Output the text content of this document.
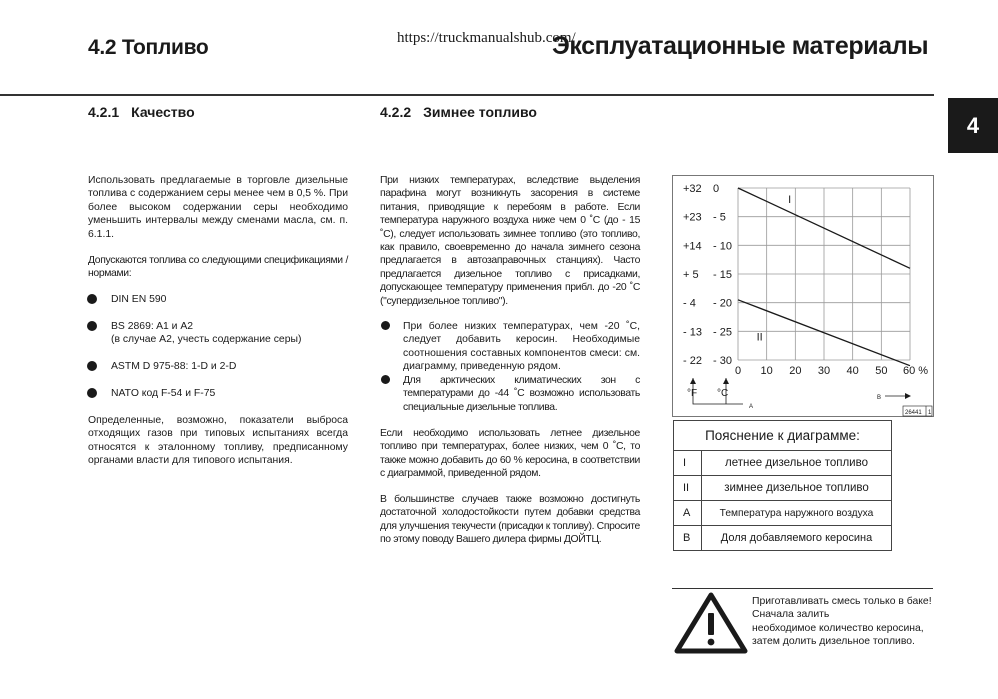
4.2 Топливо	https://truckmanualshub.com/
Эксплуатационные материалы
4
4.2.1 Качество
Использовать предлагаемые в торговле дизельные топлива с содержанием серы менее чем в 0,5 %. При более высоком содержании серы необходимо уменьшить интервалы между сменами масла, см. п. 6.1.1.
Допускаются топлива со следующими спецификациями / нормами:
DIN EN 590
BS 2869: A1 и A2
(в случае A2, учесть содержание серы)
ASTM D 975-88: 1-D и 2-D
NATO код F-54 и F-75
Определенные, возможно, показатели выброса отходящих газов при типовых испытаниях всегда относятся к эталонному топливу, предписанному органами власти для типового испытания.
4.2.2 Зимнее топливо
При низких температурах, вследствие выделения парафина могут возникнуть засорения в системе питания, приводящие к перебоям в работе. Если температура наружного воздуха ниже чем 0 ˚C (до - 15 ˚C), следует использовать зимнее топливо (это топливо, как правило, своевременно до начала зимнего сезона предлагается в автозаправочных станциях). Часто предлагается дизельное топливо с присадками, допускающее температуру применения прибл. до -20 ˚C ("супердизельное топливо").
При более низких температурах, чем -20 ˚C, следует добавить керосин. Необходимые соотношения составных компонентов смеси: см. диаграмму, приведенную рядом.
Для арктических климатических зон с температурами до -44 ˚C возможно использовать специальные дизельные топлива.
Если необходимо использовать летнее дизельное топливо при температурах, более низких, чем 0 ˚C, то также можно добавить до 60 % керосина, в соответствии с диаграммой, приведенной рядом.
В большинстве случаев также возможно достигнуть достаточной холодостойкости путем добавки средства для улучшения текучести (присадки к топливу). Спросите по этому поводу Вашего дилера фирмы ДОЙТЦ.
0 10 20 30 40 50 60 %
0
- 5
- 10
- 15
- 20
- 25
- 30
+32
+23
+14
+ 5
- 4
- 13
- 22
I
II
°F °C
A
B
26441 1
Пояснение к диаграмме:	
I	летнее дизельное топливо
II	зимнее дизельное топливо
A	Температура наружного воздуха
B	Доля добавляемого керосина
Приготавливать смесь только в баке!
Сначала залить
необходимое количество керосина,
затем долить дизельное топливо.
